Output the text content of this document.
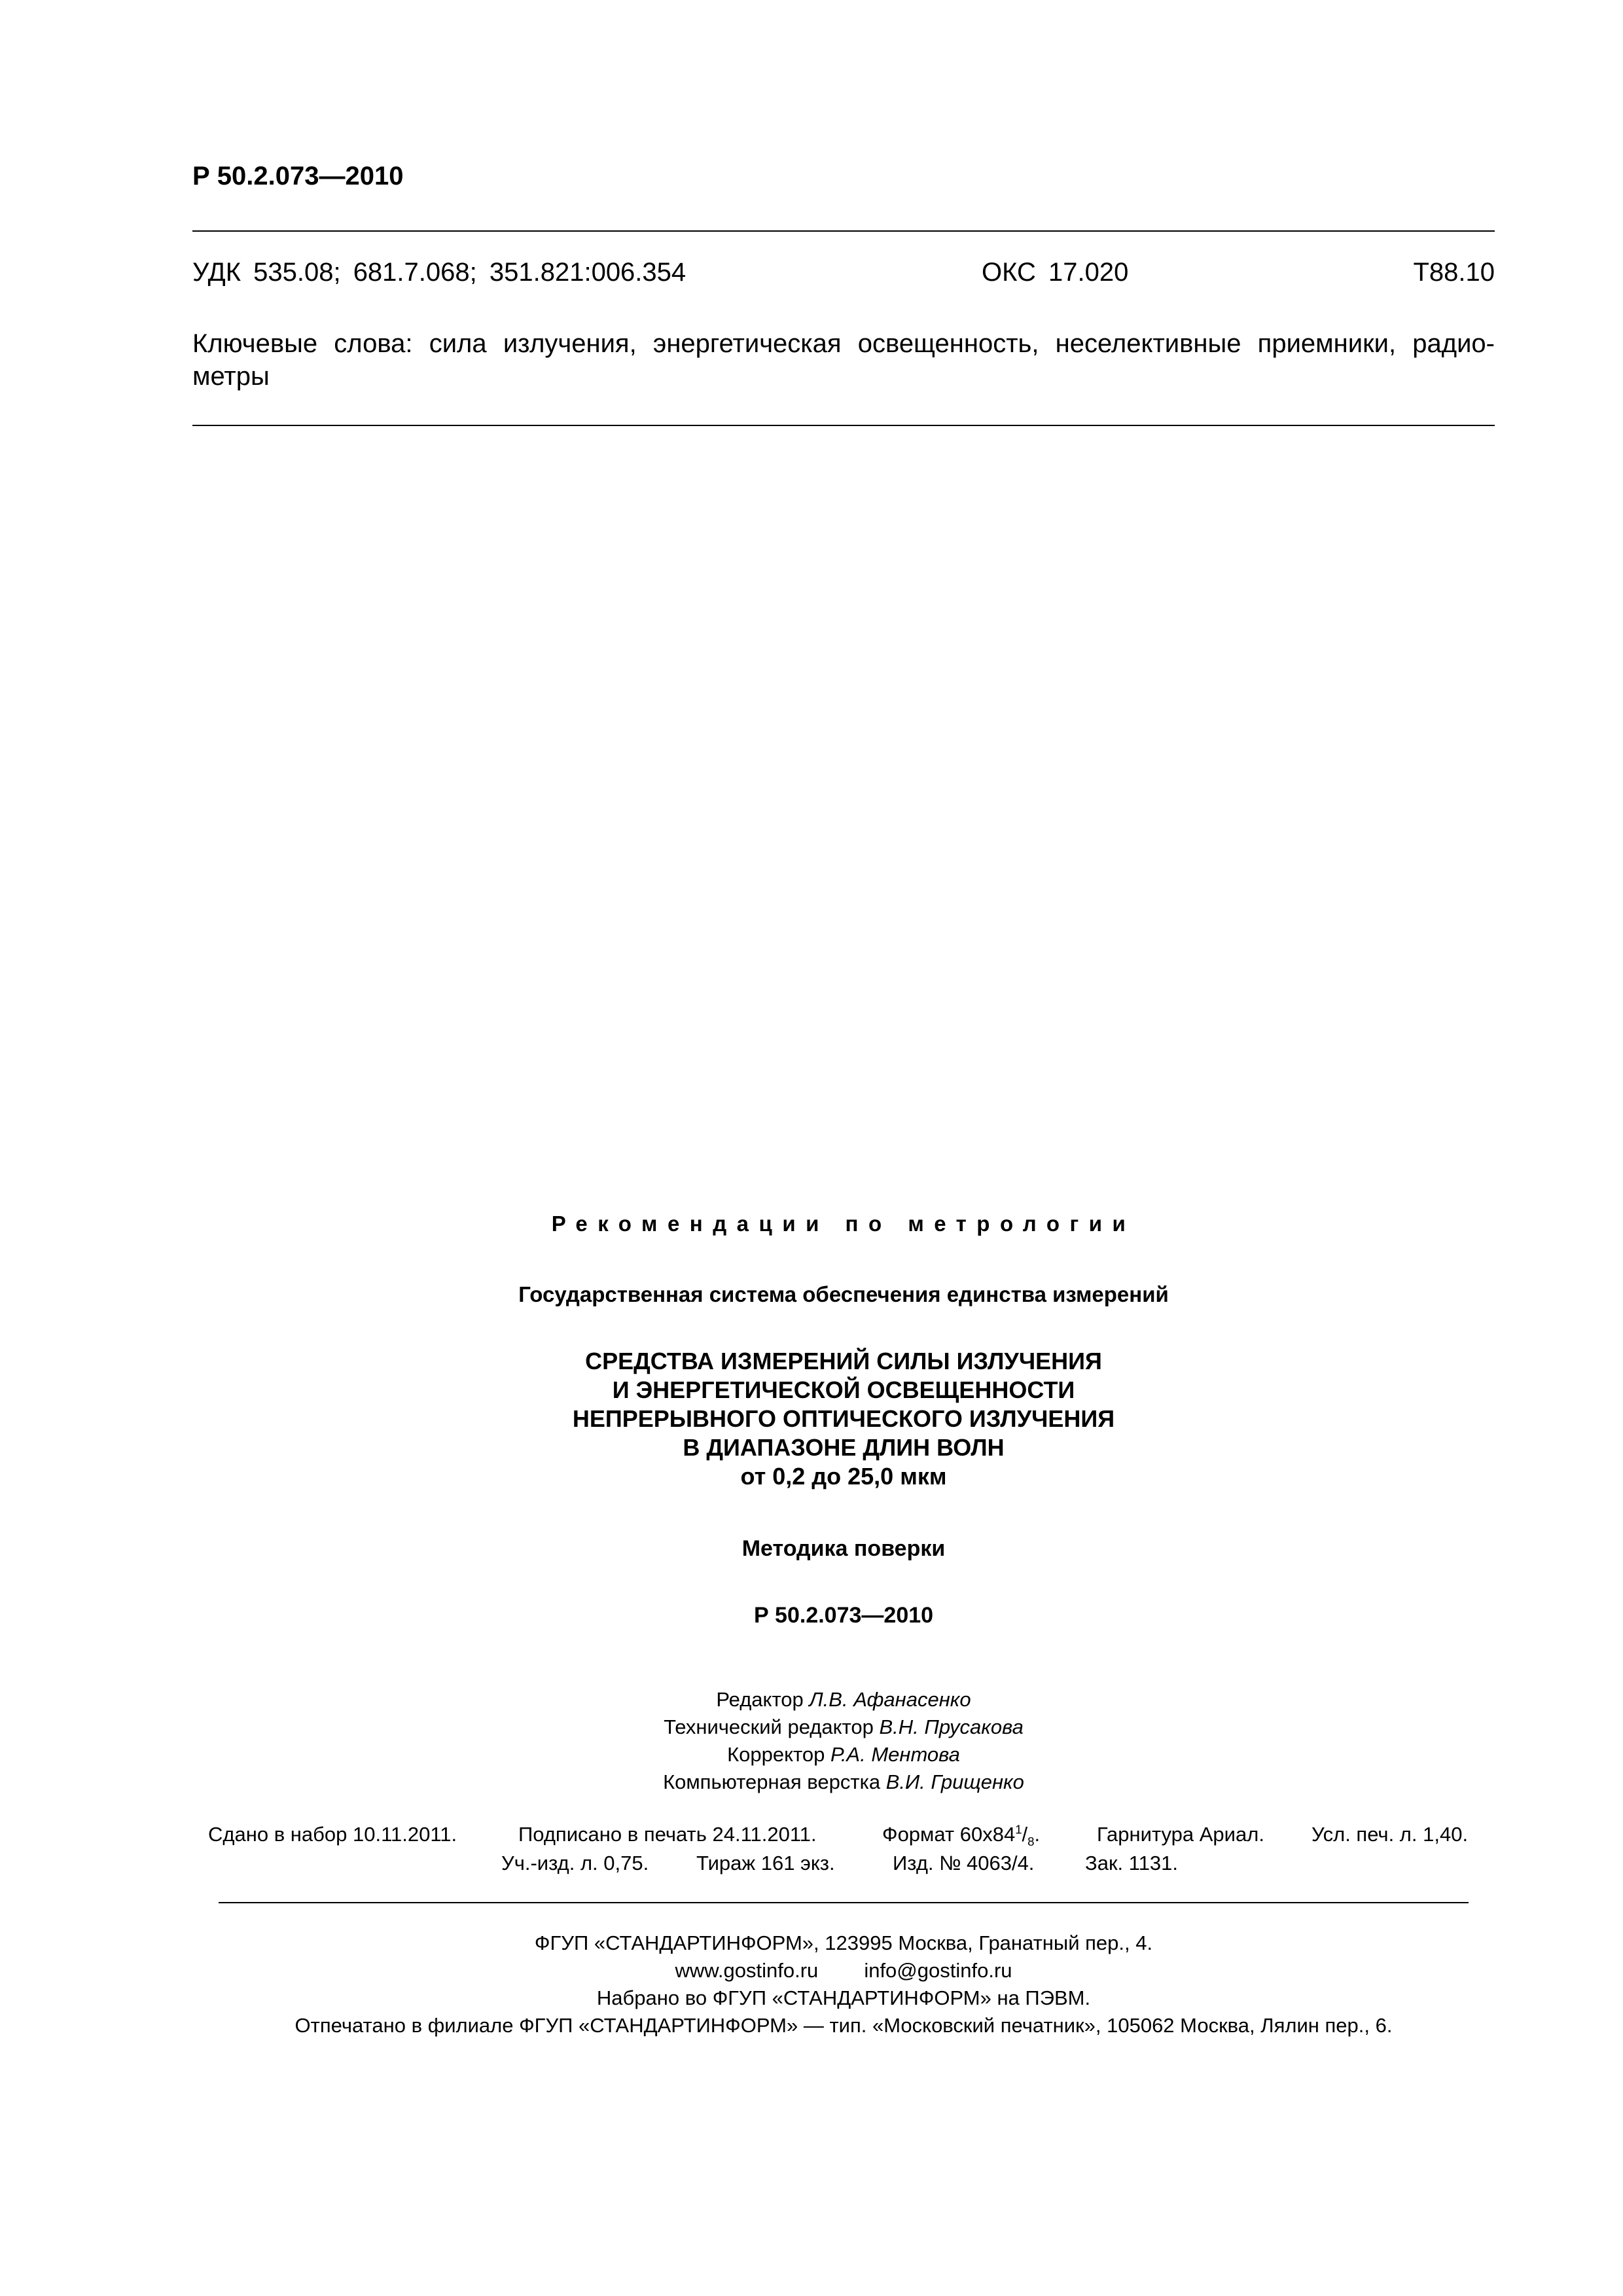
Р 50.2.073—2010
УДК 535.08; 681.7.068; 351.821:006.354	ОКС 17.020	Т88.10
Ключевые слова: сила излучения, энергетическая освещенность, неселективные приемники, радио-
метры
Рекомендации по метрологии
Государственная система обеспечения единства измерений
СРЕДСТВА ИЗМЕРЕНИЙ СИЛЫ ИЗЛУЧЕНИЯ
И ЭНЕРГЕТИЧЕСКОЙ ОСВЕЩЕННОСТИ
НЕПРЕРЫВНОГО ОПТИЧЕСКОГО ИЗЛУЧЕНИЯ
В ДИАПАЗОНЕ ДЛИН ВОЛН
от 0,2 до 25,0 мкм
Методика поверки
Р 50.2.073—2010
Редактор Л.В. Афанасенко
Технический редактор В.Н. Прусакова
Корректор Р.А. Ментова
Компьютерная верстка В.И. Грищенко
Сдано в набор 10.11.2011.	Подписано в печать 24.11.2011.	Формат $60х84^1/_8$.	Гарнитура Ариал. Усл. печ. л. 1,40.
Уч.-изд. л. 0,75. Тираж 161 экз.	Изд. № 4063/4.	Зак. 1131.
ФГУП «СТАНДАРТИНФОРМ», 123995 Москва, Гранатный пер., 4.
www.gostinfo.ru info@gostinfo.ru
Набрано во ФГУП «СТАНДАРТИНФОРМ» на ПЭВМ.
Отпечатано в филиале ФГУП «СТАНДАРТИНФОРМ» — тип. «Московский печатник», 105062 Москва, Лялин пер., 6.
